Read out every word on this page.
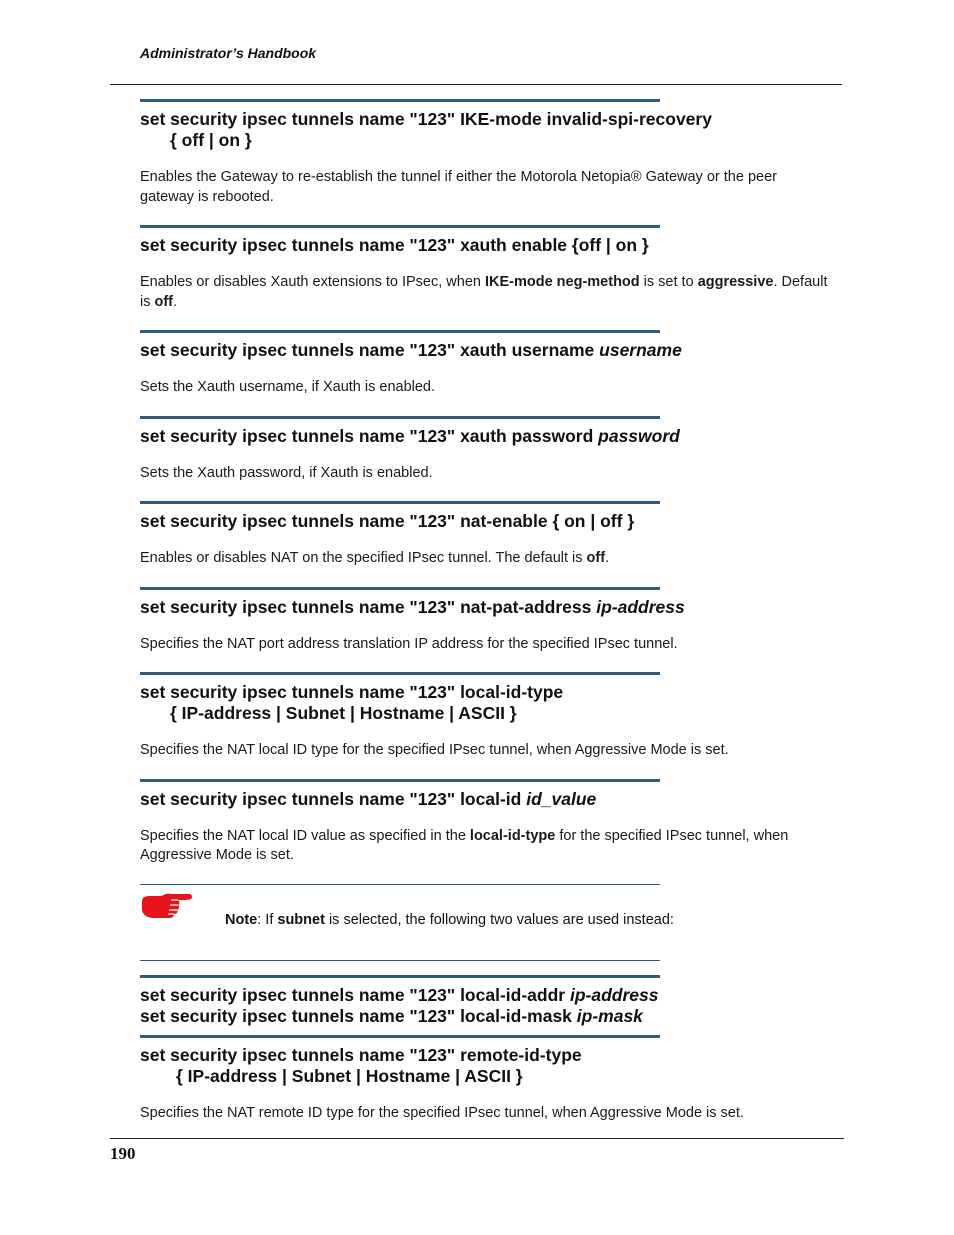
Administrator’s Handbook
set security ipsec tunnels name "123" IKE-mode invalid-spi-recovery
{ off | on }
Enables the Gateway to re-establish the tunnel if either the Motorola Netopia® Gateway or the peer gateway is rebooted.
set security ipsec tunnels name "123" xauth enable {off | on }
Enables or disables Xauth extensions to IPsec, when IKE-mode neg-method is set to aggressive. Default is off.
set security ipsec tunnels name "123" xauth username username
Sets the Xauth username, if Xauth is enabled.
set security ipsec tunnels name "123" xauth password password
Sets the Xauth password, if Xauth is enabled.
set security ipsec tunnels name "123" nat-enable { on | off }
Enables or disables NAT on the specified IPsec tunnel. The default is off.
set security ipsec tunnels name "123" nat-pat-address ip-address
Specifies the NAT port address translation IP address for the specified IPsec tunnel.
set security ipsec tunnels name "123" local-id-type
{ IP-address | Subnet | Hostname | ASCII }
Specifies the NAT local ID type for the specified IPsec tunnel, when Aggressive Mode is set.
set security ipsec tunnels name "123" local-id id_value
Specifies the NAT local ID value as specified in the local-id-type for the specified IPsec tunnel, when Aggressive Mode is set.
Note: If subnet is selected, the following two values are used instead:
set security ipsec tunnels name "123" local-id-addr ip-address
set security ipsec tunnels name "123" local-id-mask ip-mask
set security ipsec tunnels name "123" remote-id-type
{ IP-address | Subnet | Hostname | ASCII }
Specifies the NAT remote ID type for the specified IPsec tunnel, when Aggressive Mode is set.
190
